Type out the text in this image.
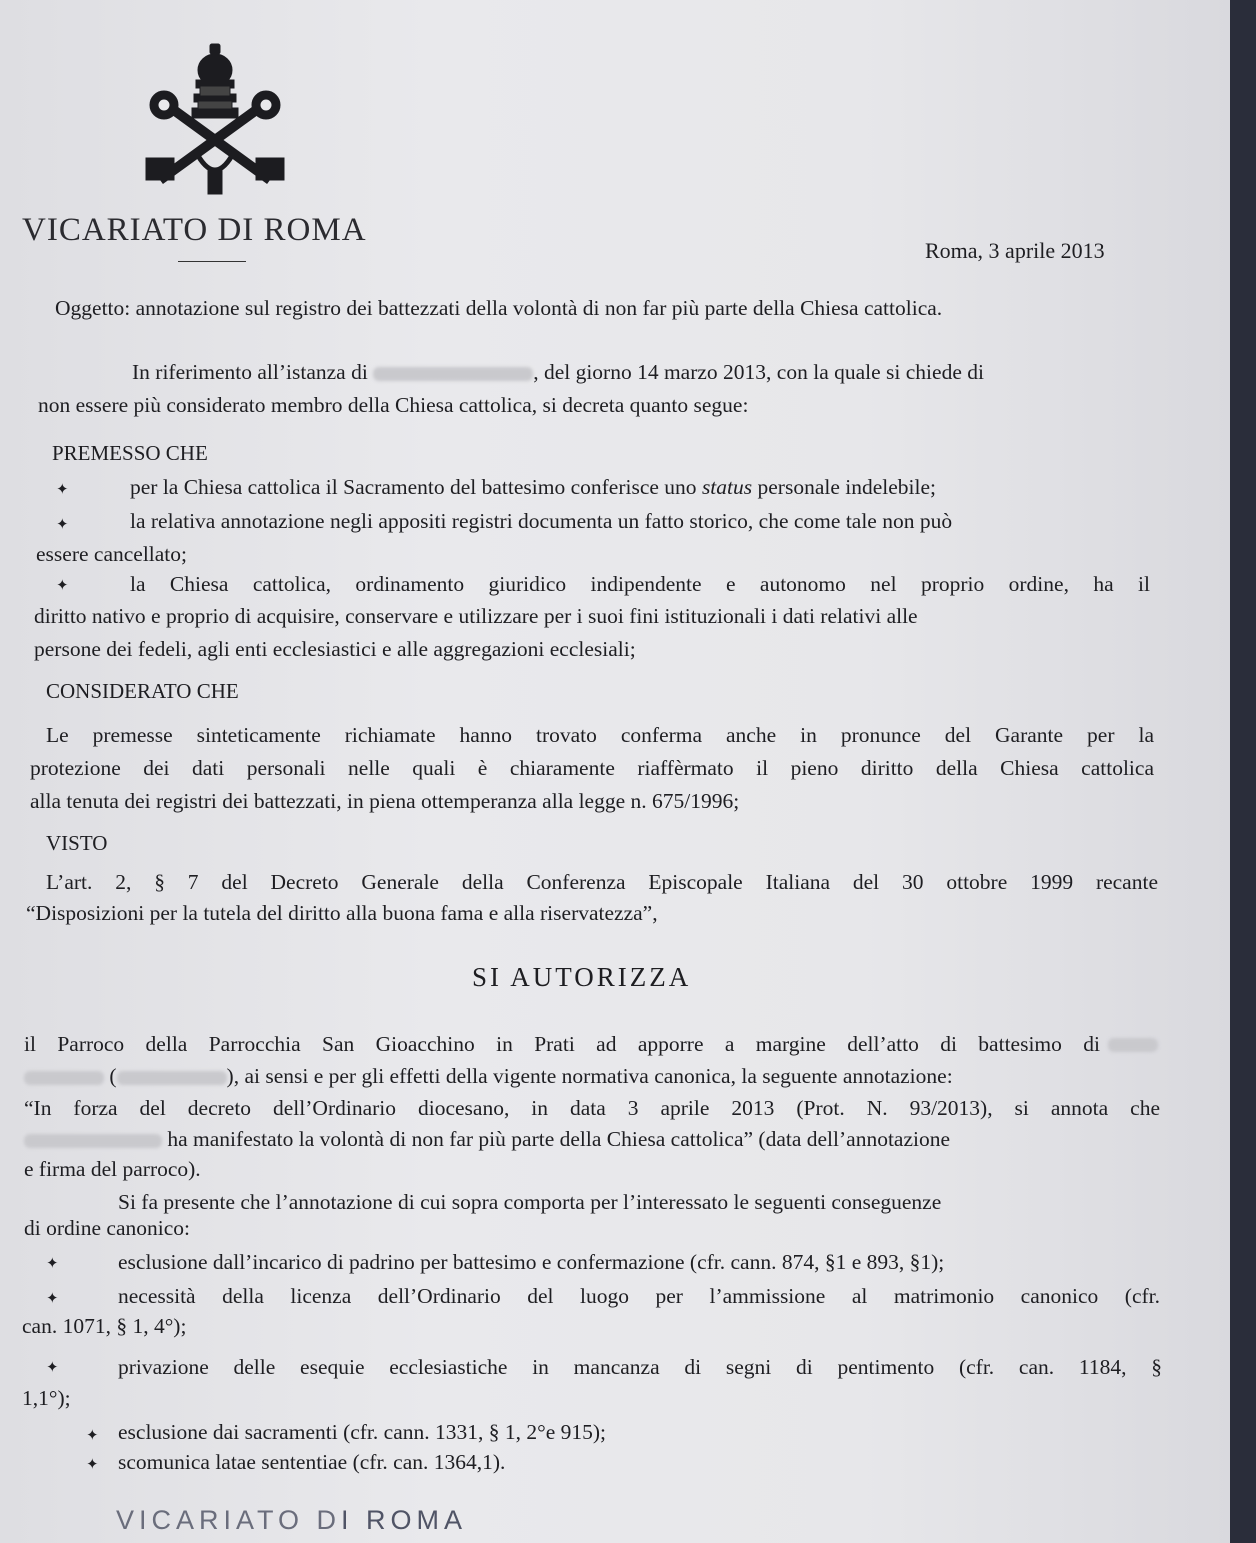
VICARIATO DI ROMA
Roma, 3 aprile 2013
Oggetto: annotazione sul registro dei battezzati della volontà di non far più parte della Chiesa cattolica.
In riferimento all’istanza di	, del giorno 14 marzo 2013, con la quale si chiede di
non essere più considerato membro della Chiesa cattolica, si decreta quanto segue:
PREMESSO CHE
✦	per la Chiesa cattolica il Sacramento del battesimo conferisce uno status personale indelebile;
✦	la relativa annotazione negli appositi registri documenta un fatto storico, che come tale non può
essere cancellato;
✦	la Chiesa cattolica, ordinamento giuridico indipendente e autonomo nel proprio ordine, ha il
diritto nativo e proprio di acquisire, conservare e utilizzare per i suoi fini istituzionali i dati relativi alle
persone dei fedeli, agli enti ecclesiastici e alle aggregazioni ecclesiali;
CONSIDERATO CHE
Le premesse sinteticamente richiamate hanno trovato conferma anche in pronunce del Garante per la
protezione dei dati personali nelle quali è chiaramente riaffèrmato il pieno diritto della Chiesa cattolica
alla tenuta dei registri dei battezzati, in piena ottemperanza alla legge n. 675/1996;
VISTO
L’art. 2, § 7 del Decreto Generale della Conferenza Episcopale Italiana del 30 ottobre 1999 recante
“Disposizioni per la tutela del diritto alla buona fama e alla riservatezza”,
SI AUTORIZZA
il Parroco della Parrocchia San Gioacchino in Prati ad apporre a margine dell’atto di battesimo di
(	), ai sensi e per gli effetti della vigente normativa canonica, la seguente annotazione:
“In forza del decreto dell’Ordinario diocesano, in data 3 aprile 2013 (Prot. N. 93/2013), si annota che
ha manifestato la volontà di non far più parte della Chiesa cattolica” (data dell’annotazione
e firma del parroco).
Si fa presente che l’annotazione di cui sopra comporta per l’interessato le seguenti conseguenze
di ordine canonico:
✦	esclusione dall’incarico di padrino per battesimo e confermazione (cfr. cann. 874, §1 e 893, §1);
✦	necessità della licenza dell’Ordinario del luogo per l’ammissione al matrimonio canonico (cfr.
can. 1071, § 1, 4°);
✦	privazione delle esequie ecclesiastiche in mancanza di segni di pentimento (cfr. can. 1184, §
1,1°);
✦ esclusione dai sacramenti (cfr. cann. 1331, § 1, 2°e 915);
✦ scomunica latae sententiae (cfr. can. 1364,1).
VICARIATO DI ROMA
